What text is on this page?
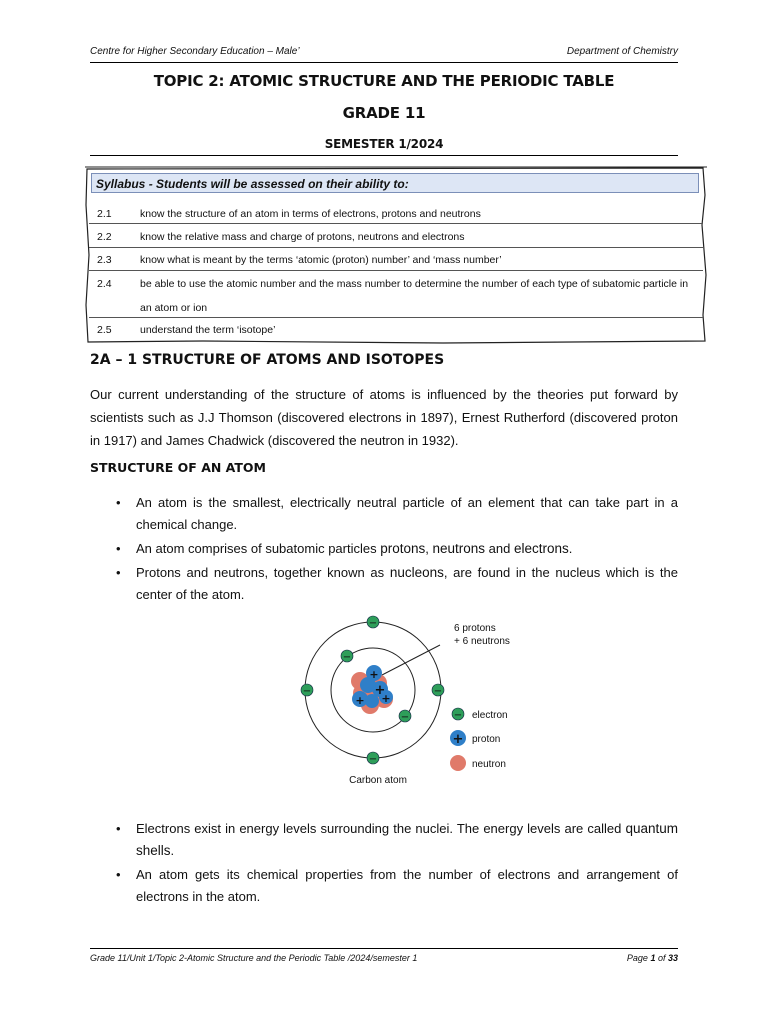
Centre for Higher Secondary Education – Male’	Department of Chemistry
TOPIC 2: ATOMIC STRUCTURE AND THE PERIODIC TABLE
GRADE 11
SEMESTER 1/2024
Syllabus - Students will be assessed on their ability to:
2.1	know the structure of an atom in terms of electrons, protons and neutrons
2.2	know the relative mass and charge of protons, neutrons and electrons
2.3	know what is meant by the terms ‘atomic (proton) number’ and ‘mass number’
2.4	be able to use the atomic number and the mass number to determine the number of each type of subatomic particle in an atom or ion
2.5	understand the term ‘isotope’
2A – 1 STRUCTURE OF ATOMS AND ISOTOPES

Our current understanding of the structure of atoms is influenced by the theories put forward by scientists such as J.J Thomson (discovered electrons in 1897), Ernest Rutherford (discovered proton in 1917) and James Chadwick (discovered the neutron in 1932).

STRUCTURE OF AN ATOM
• An atom is the smallest, electrically neutral particle of an element that can take part in a chemical change.
• An atom comprises of subatomic particles protons, neutrons and electrons.
• Protons and neutrons, together known as nucleons, are found in the nucleus which is the center of the atom.
+
+ +
+
−
−
−	−
−
−
6 protons
+ 6 neutrons
− electron
+ proton
neutron
Carbon atom
• Electrons exist in energy levels surrounding the nuclei. The energy levels are called quantum shells.
• An atom gets its chemical properties from the number of electrons and arrangement of electrons in the atom.
Grade 11/Unit 1/Topic 2-Atomic Structure and the Periodic Table /2024/semester 1	Page 1 of 33
